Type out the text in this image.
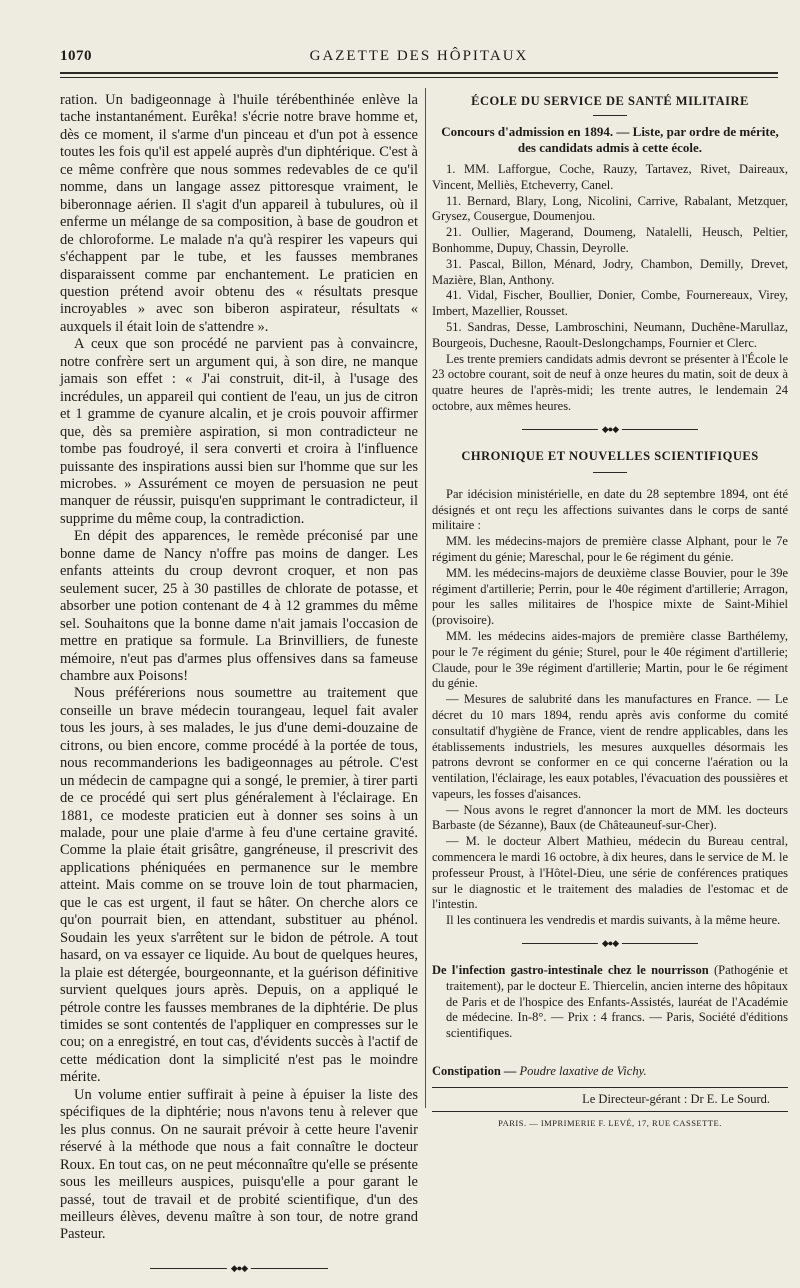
1070	GAZETTE DES HÔPITAUX

ration. Un badigeonnage à l'huile térébenthinée enlève la tache instantanément. Eurêka! s'écrie notre brave homme et, dès ce moment, il s'arme d'un pinceau et d'un pot à essence toutes les fois qu'il est appelé auprès d'un diphtérique. C'est à ce même confrère que nous sommes redevables de ce qu'il nomme, dans un langage assez pittoresque vraiment, le biberonnage aérien. Il s'agit d'un appareil à tubulures, où il enferme un mélange de sa composition, à base de goudron et de chloroforme. Le malade n'a qu'à respirer les vapeurs qui s'échappent par le tube, et les fausses membranes disparaissent comme par enchantement. Le praticien en question prétend avoir obtenu des « résultats presque incroyables » avec son biberon aspirateur, résultats « auxquels il était loin de s'attendre ».

A ceux que son procédé ne parvient pas à convaincre, notre confrère sert un argument qui, à son dire, ne manque jamais son effet : « J'ai construit, dit-il, à l'usage des incrédules, un appareil qui contient de l'eau, un jus de citron et 1 gramme de cyanure alcalin, et je crois pouvoir affirmer que, dès sa première aspiration, si mon contradicteur ne tombe pas foudroyé, il sera converti et croira à l'influence puissante des inspirations aussi bien sur l'homme que sur les microbes. » Assurément ce moyen de persuasion ne peut manquer de réussir, puisqu'en supprimant le contradicteur, il supprime du même coup, la contradiction.

En dépit des apparences, le remède préconisé par une bonne dame de Nancy n'offre pas moins de danger. Les enfants atteints du croup devront croquer, et non pas seulement sucer, 25 à 30 pastilles de chlorate de potasse, et absorber une potion contenant de 4 à 12 grammes du même sel. Souhaitons que la bonne dame n'ait jamais l'occasion de mettre en pratique sa formule. La Brinvilliers, de funeste mémoire, n'eut pas d'armes plus offensives dans sa fameuse chambre aux Poisons!

Nous préférerions nous soumettre au traitement que conseille un brave médecin tourangeau, lequel fait avaler tous les jours, à ses malades, le jus d'une demi-douzaine de citrons, ou bien encore, comme procédé à la portée de tous, nous recommanderions les badigeonnages au pétrole. C'est un médecin de campagne qui a songé, le premier, à tirer parti de ce procédé qui sert plus généralement à l'éclairage. En 1881, ce modeste praticien eut à donner ses soins à un malade, pour une plaie d'arme à feu d'une certaine gravité. Comme la plaie était grisâtre, gangréneuse, il prescrivit des applications phéniquées en permanence sur le membre atteint. Mais comme on se trouve loin de tout pharmacien, que le cas est urgent, il faut se hâter. On cherche alors ce qu'on pourrait bien, en attendant, substituer au phénol. Soudain les yeux s'arrêtent sur le bidon de pétrole. A tout hasard, on va essayer ce liquide. Au bout de quelques heures, la plaie est détergée, bourgeonnante, et la guérison définitive survient quelques jours après. Depuis, on a appliqué le pétrole contre les fausses membranes de la diphtérie. De plus timides se sont contentés de l'appliquer en compresses sur le cou; on a enregistré, en tout cas, d'évidents succès à l'actif de cette médication dont la simplicité n'est pas le moindre mérite.

Un volume entier suffirait à peine à épuiser la liste des spécifiques de la diphtérie; nous n'avons tenu à relever que les plus connus. On ne saurait prévoir à cette heure l'avenir réservé à la méthode que nous a fait connaître le docteur Roux. En tout cas, on ne peut méconnaître qu'elle se présente sous les meilleurs auspices, puisqu'elle a pour garant le passé, tout de travail et de probité scientifique, d'un des meilleurs élèves, devenu maître à son tour, de notre grand Pasteur.

◆●◆
ÉCOLE DU SERVICE DE SANTÉ MILITAIRE
Concours d'admission en 1894. — Liste, par ordre de mérite, des candidats admis à cette école.

1. MM. Lafforgue, Coche, Rauzy, Tartavez, Rivet, Daireaux, Vincent, Melliès, Etcheverry, Canel.

11. Bernard, Blary, Long, Nicolini, Carrive, Rabalant, Metzquer, Grysez, Cousergue, Doumenjou.

21. Oullier, Magerand, Doumeng, Natalelli, Heusch, Peltier, Bonhomme, Dupuy, Chassin, Deyrolle.

31. Pascal, Billon, Ménard, Jodry, Chambon, Demilly, Drevet, Mazière, Blan, Anthony.

41. Vidal, Fischer, Boullier, Donier, Combe, Fournereaux, Virey, Imbert, Mazellier, Rousset.

51. Sandras, Desse, Lambroschini, Neumann, Duchêne-Marullaz, Bourgeois, Duchesne, Raoult-Deslongchamps, Fournier et Clerc.

Les trente premiers candidats admis devront se présenter à l'École le 23 octobre courant, soit de neuf à onze heures du matin, soit de deux à quatre heures de l'après-midi; les trente autres, le lendemain 24 octobre, aux mêmes heures.

◆●◆
CHRONIQUE ET NOUVELLES SCIENTIFIQUES

Par idécision ministérielle, en date du 28 septembre 1894, ont été désignés et ont reçu les affections suivantes dans le corps de santé militaire :

MM. les médecins-majors de première classe Alphant, pour le 7e régiment du génie; Mareschal, pour le 6e régiment du génie.

MM. les médecins-majors de deuxième classe Bouvier, pour le 39e régiment d'artillerie; Perrin, pour le 40e régiment d'artillerie; Arragon, pour les salles militaires de l'hospice mixte de Saint-Mihiel (provisoire).

MM. les médecins aides-majors de première classe Barthélemy, pour le 7e régiment du génie; Sturel, pour le 40e régiment d'artillerie; Claude, pour le 39e régiment d'artillerie; Martin, pour le 6e régiment du génie.

— Mesures de salubrité dans les manufactures en France. — Le décret du 10 mars 1894, rendu après avis conforme du comité consultatif d'hygiène de France, vient de rendre applicables, dans les établissements industriels, les mesures auxquelles désormais les patrons devront se conformer en ce qui concerne l'aération ou la ventilation, l'éclairage, les eaux potables, l'évacuation des poussières et vapeurs, les fosses d'aisances.

— Nous avons le regret d'annoncer la mort de MM. les docteurs Barbaste (de Sézanne), Baux (de Châteauneuf-sur-Cher).

— M. le docteur Albert Mathieu, médecin du Bureau central, commencera le mardi 16 octobre, à dix heures, dans le service de M. le professeur Proust, à l'Hôtel-Dieu, une série de conférences pratiques sur le diagnostic et le traitement des maladies de l'estomac et de l'intestin.

Il les continuera les vendredis et mardis suivants, à la même heure.

◆●◆
De l'infection gastro-intestinale chez le nourrisson (Pathogénie et traitement), par le docteur E. Thiercelin, ancien interne des hôpitaux de Paris et de l'hospice des Enfants-Assistés, lauréat de l'Académie de médecine. In-8°. — Prix : 4 francs. — Paris, Société d'éditions scientifiques.
Constipation — Poudre laxative de Vichy.
Le Directeur-gérant : Dr E. Le Sourd.
PARIS. — IMPRIMERIE F. LEVÉ, 17, RUE CASSETTE.
